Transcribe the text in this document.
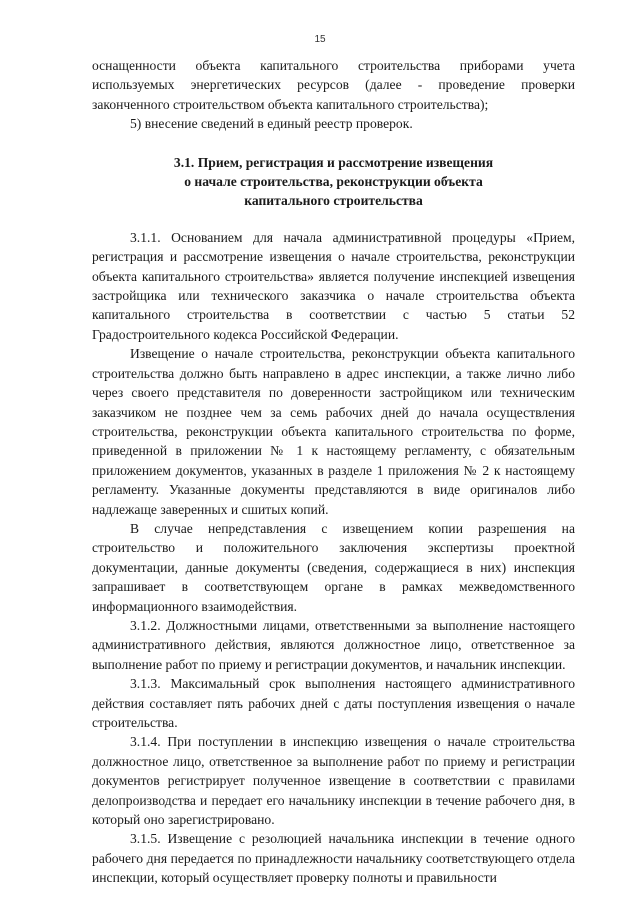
15

оснащенности объекта капитального строительства приборами учета используемых энергетических ресурсов (далее - проведение проверки законченного строительством объекта капитального строительства);

5) внесение сведений в единый реестр проверок.

3.1. Прием, регистрация и рассмотрение извещения
о начале строительства, реконструкции объекта
капитального строительства

3.1.1. Основанием для начала административной процедуры «Прием, регистрация и рассмотрение извещения о начале строительства, реконструкции объекта капитального строительства» является получение инспекцией извещения застройщика или технического заказчика о начале строительства объекта капитального строительства в соответствии с частью 5 статьи 52 Градостроительного кодекса Российской Федерации.

Извещение о начале строительства, реконструкции объекта капитального строительства должно быть направлено в адрес инспекции, а также лично либо через своего представителя по доверенности застройщиком или техническим заказчиком не позднее чем за семь рабочих дней до начала осуществления строительства, реконструкции объекта капитального строительства по форме, приведенной в приложении № 1 к настоящему регламенту, с обязательным приложением документов, указанных в разделе 1 приложения № 2 к настоящему регламенту. Указанные документы представляются в виде оригиналов либо надлежаще заверенных и сшитых копий.

В случае непредставления с извещением копии разрешения на строительство и положительного заключения экспертизы проектной документации, данные документы (сведения, содержащиеся в них) инспекция запрашивает в соответствующем органе в рамках межведомственного информационного взаимодействия.

3.1.2. Должностными лицами, ответственными за выполнение настоящего административного действия, являются должностное лицо, ответственное за выполнение работ по приему и регистрации документов, и начальник инспекции.

3.1.3. Максимальный срок выполнения настоящего административного действия составляет пять рабочих дней с даты поступления извещения о начале строительства.

3.1.4. При поступлении в инспекцию извещения о начале строительства должностное лицо, ответственное за выполнение работ по приему и регистрации документов регистрирует полученное извещение в соответствии с правилами делопроизводства и передает его начальнику инспекции в течение рабочего дня, в который оно зарегистрировано.

3.1.5. Извещение с резолюцией начальника инспекции в течение одного рабочего дня передается по принадлежности начальнику соответствующего отдела инспекции, который осуществляет проверку полноты и правильности
